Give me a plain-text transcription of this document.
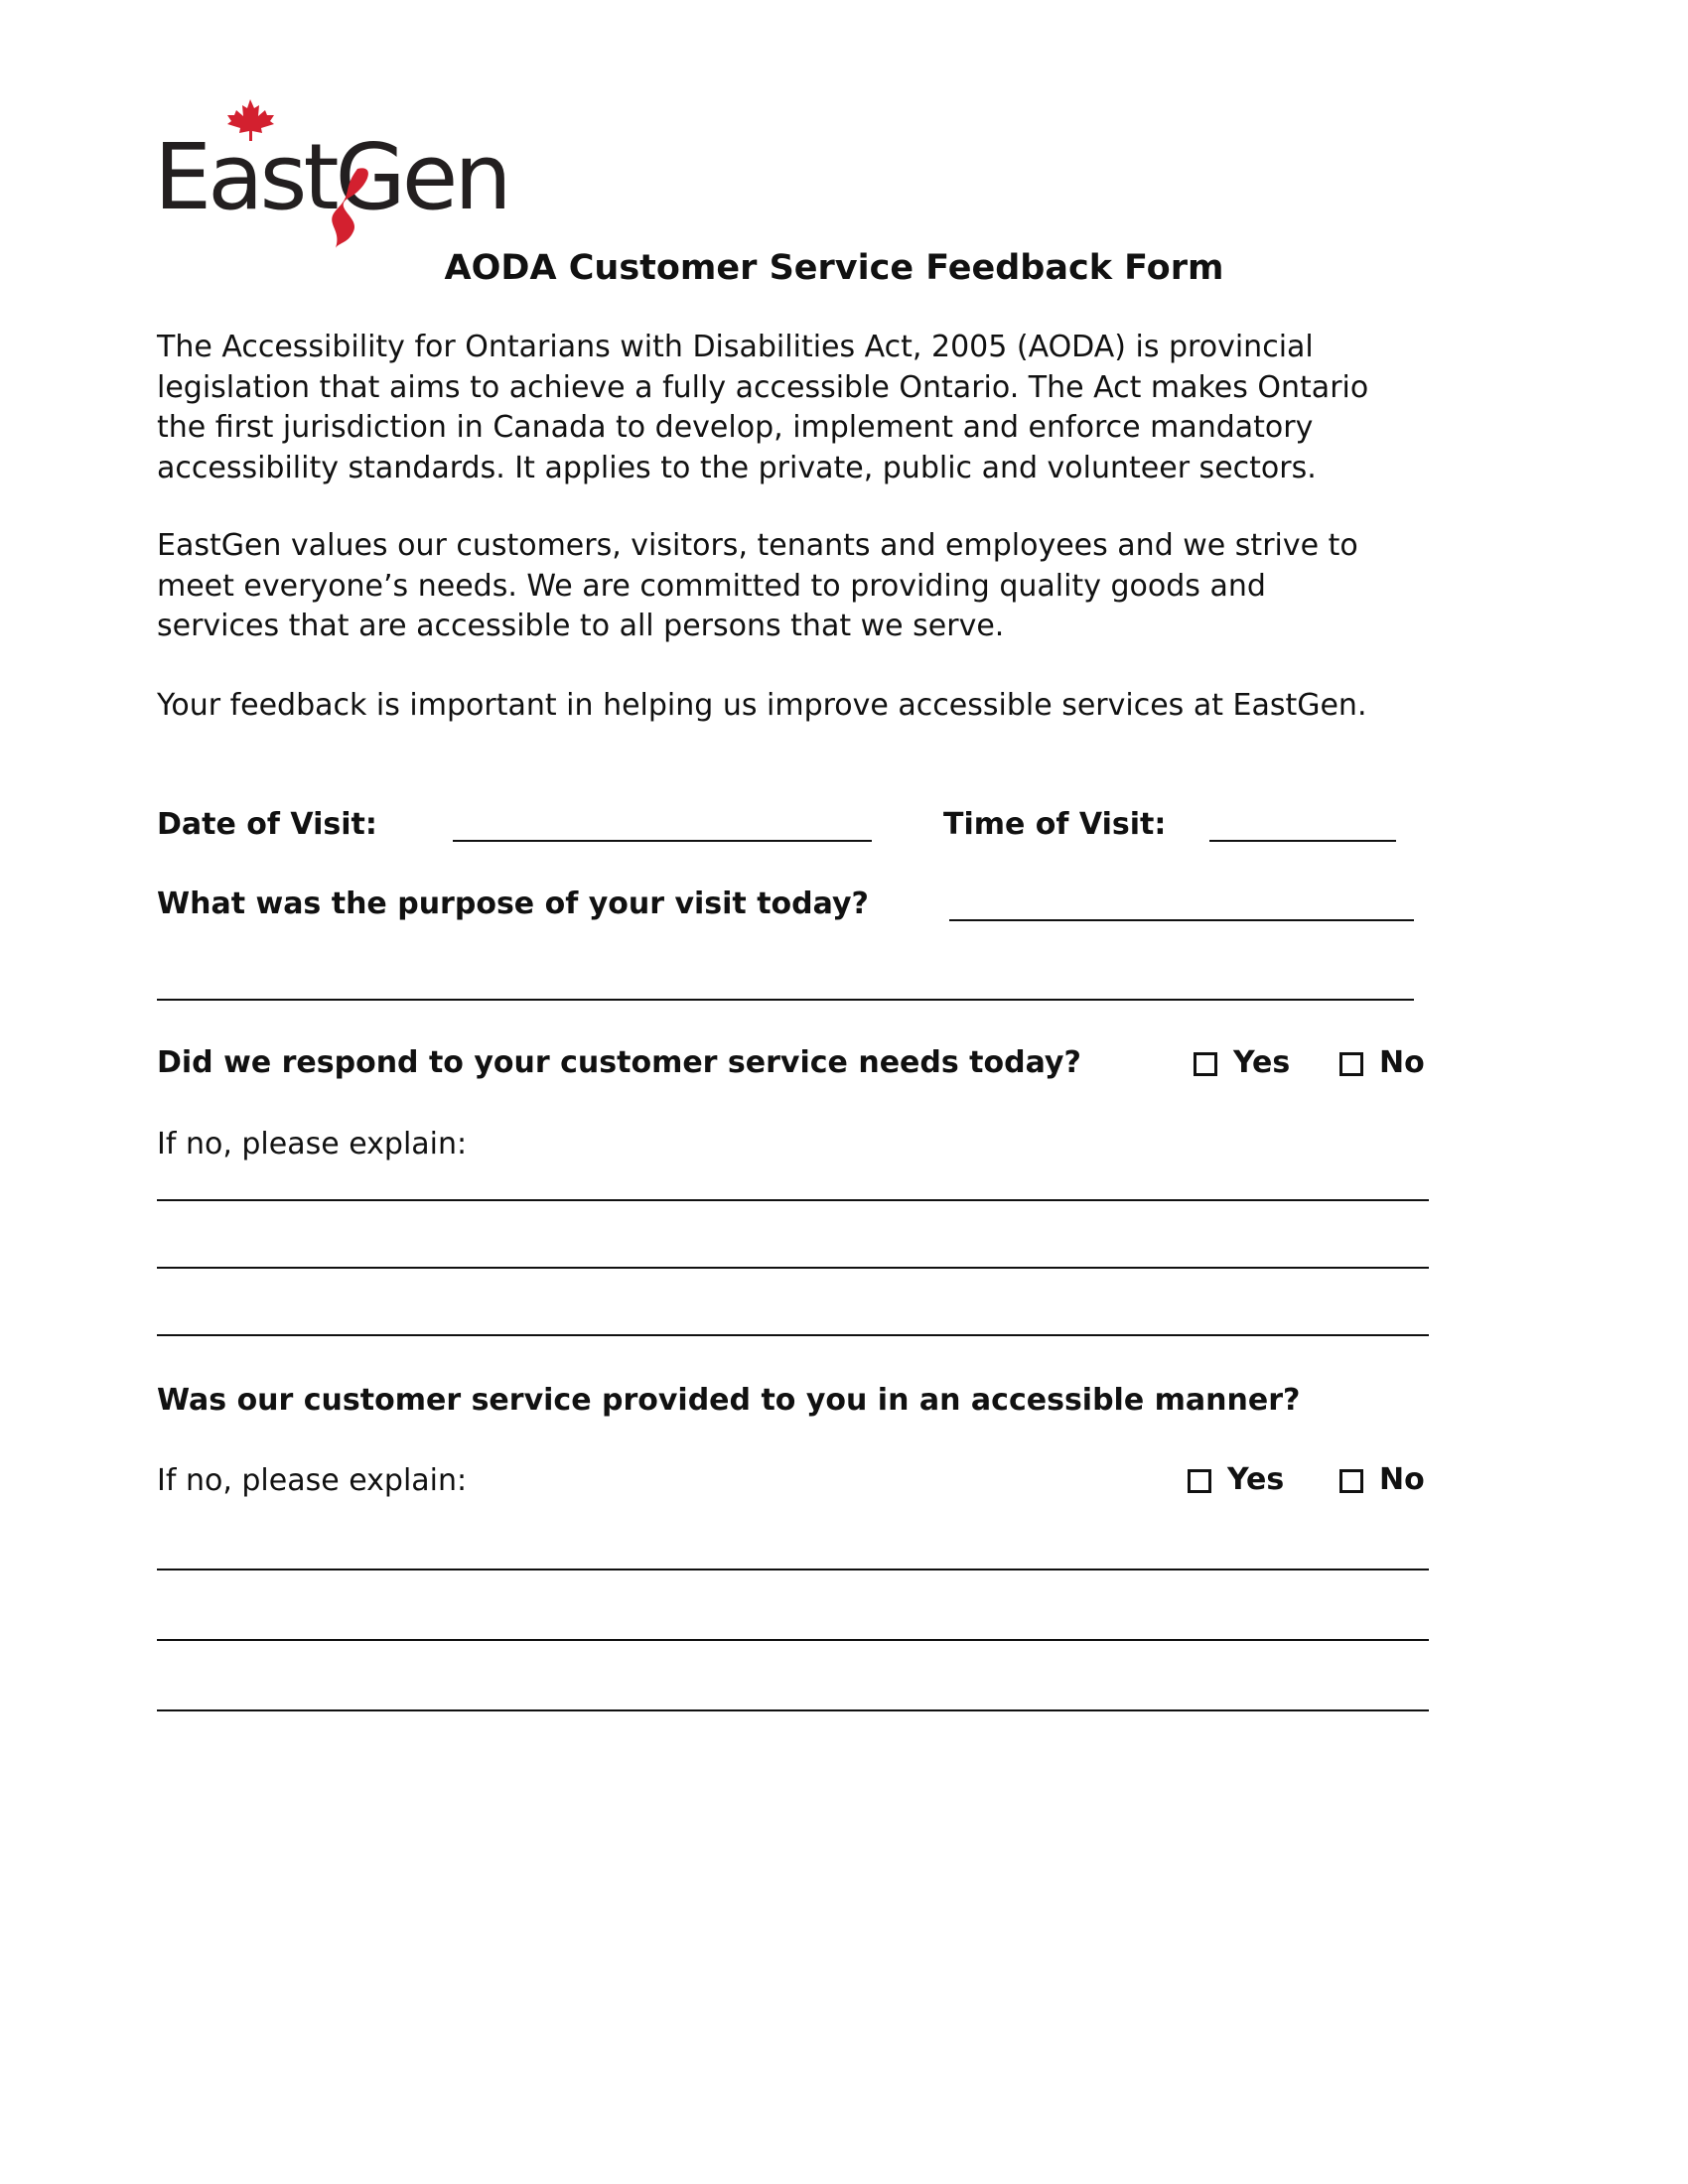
EastGen
AODA Customer Service Feedback Form
The Accessibility for Ontarians with Disabilities Act, 2005 (AODA) is provincial
legislation that aims to achieve a fully accessible Ontario. The Act makes Ontario
the first jurisdiction in Canada to develop, implement and enforce mandatory
accessibility standards. It applies to the private, public and volunteer sectors.
EastGen values our customers, visitors, tenants and employees and we strive to
meet everyone’s needs. We are committed to providing quality goods and
services that are accessible to all persons that we serve.
Your feedback is important in helping us improve accessible services at EastGen.
Date of Visit:	Time of Visit:
What was the purpose of your visit today?
Did we respond to your customer service needs today?	Yes	No
If no, please explain:
Was our customer service provided to you in an accessible manner?
If no, please explain:	Yes	No
